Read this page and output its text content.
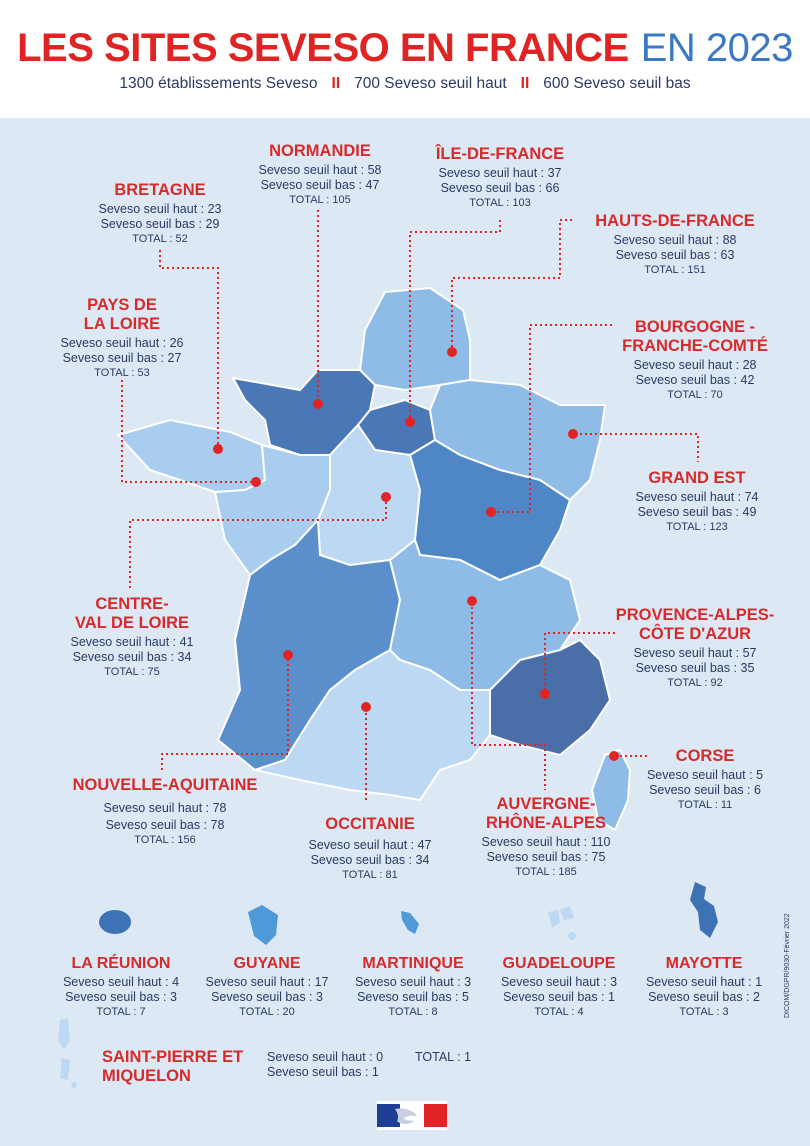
LES SITES SEVESO EN FRANCE EN 2023
1300 établissements Seveso II 700 Seveso seuil haut II 600 Seveso seuil bas
BRETAGNE
Seveso seuil haut : 23
Seveso seuil bas : 29
TOTAL : 52
NORMANDIE
Seveso seuil haut : 58
Seveso seuil bas : 47
TOTAL : 105
ÎLE-DE-FRANCE
Seveso seuil haut : 37
Seveso seuil bas : 66
TOTAL : 103
HAUTS-DE-FRANCE
Seveso seuil haut : 88
Seveso seuil bas : 63
TOTAL : 151
PAYS DE
LA LOIRE
Seveso seuil haut : 26
Seveso seuil bas : 27
TOTAL : 53
BOURGOGNE -
FRANCHE-COMTÉ
Seveso seuil haut : 28
Seveso seuil bas : 42
TOTAL : 70
GRAND EST
Seveso seuil haut : 74
Seveso seuil bas : 49
TOTAL : 123
CENTRE-
VAL DE LOIRE
Seveso seuil haut : 41
Seveso seuil bas : 34
TOTAL : 75
PROVENCE-ALPES-
CÔTE D'AZUR
Seveso seuil haut : 57
Seveso seuil bas : 35
TOTAL : 92
CORSE
Seveso seuil haut : 5
Seveso seuil bas : 6
TOTAL : 11
NOUVELLE-AQUITAINE
Seveso seuil haut : 78
Seveso seuil bas : 78
TOTAL : 156
OCCITANIE
Seveso seuil haut : 47
Seveso seuil bas : 34
TOTAL : 81
AUVERGNE-
RHÔNE-ALPES
Seveso seuil haut : 110
Seveso seuil bas : 75
TOTAL : 185
LA RÉUNION
Seveso seuil haut : 4
Seveso seuil bas : 3
TOTAL : 7
GUYANE
Seveso seuil haut : 17
Seveso seuil bas : 3
TOTAL : 20
MARTINIQUE
Seveso seuil haut : 3
Seveso seuil bas : 5
TOTAL : 8
GUADELOUPE
Seveso seuil haut : 3
Seveso seuil bas : 1
TOTAL : 4
MAYOTTE
Seveso seuil haut : 1
Seveso seuil bas : 2
TOTAL : 3
SAINT-PIERRE ET
MIQUELON
Seveso seuil haut : 0
Seveso seuil bas : 1
TOTAL : 1
DICOM/DGPR/9030-Février 2022
